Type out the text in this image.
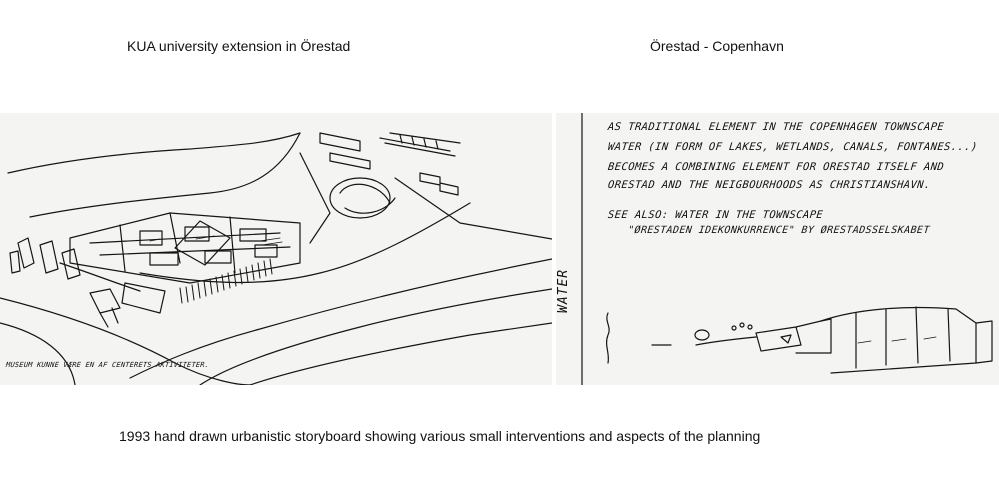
KUA university extension in Örestad	Örestad - Copenhavn
MUSEUM KUNNE VÆRE EN AF CENTERETS AKTIVITETER.
WATER
AS TRADITIONAL ELEMENT IN THE COPENHAGEN TOWNSCAPE
WATER (IN FORM OF LAKES, WETLANDS, CANALS, FONTANES...)
BECOMES A COMBINING ELEMENT FOR ORESTAD ITSELF AND
ORESTAD AND THE NEIGBOURHOODS AS CHRISTIANSHAVN.
SEE ALSO: WATER IN THE TOWNSCAPE
"ØRESTADEN IDEKONKURRENCE" BY ØRESTADSSELSKABET
1993 hand drawn urbanistic storyboard showing various small interventions and aspects of the planning
